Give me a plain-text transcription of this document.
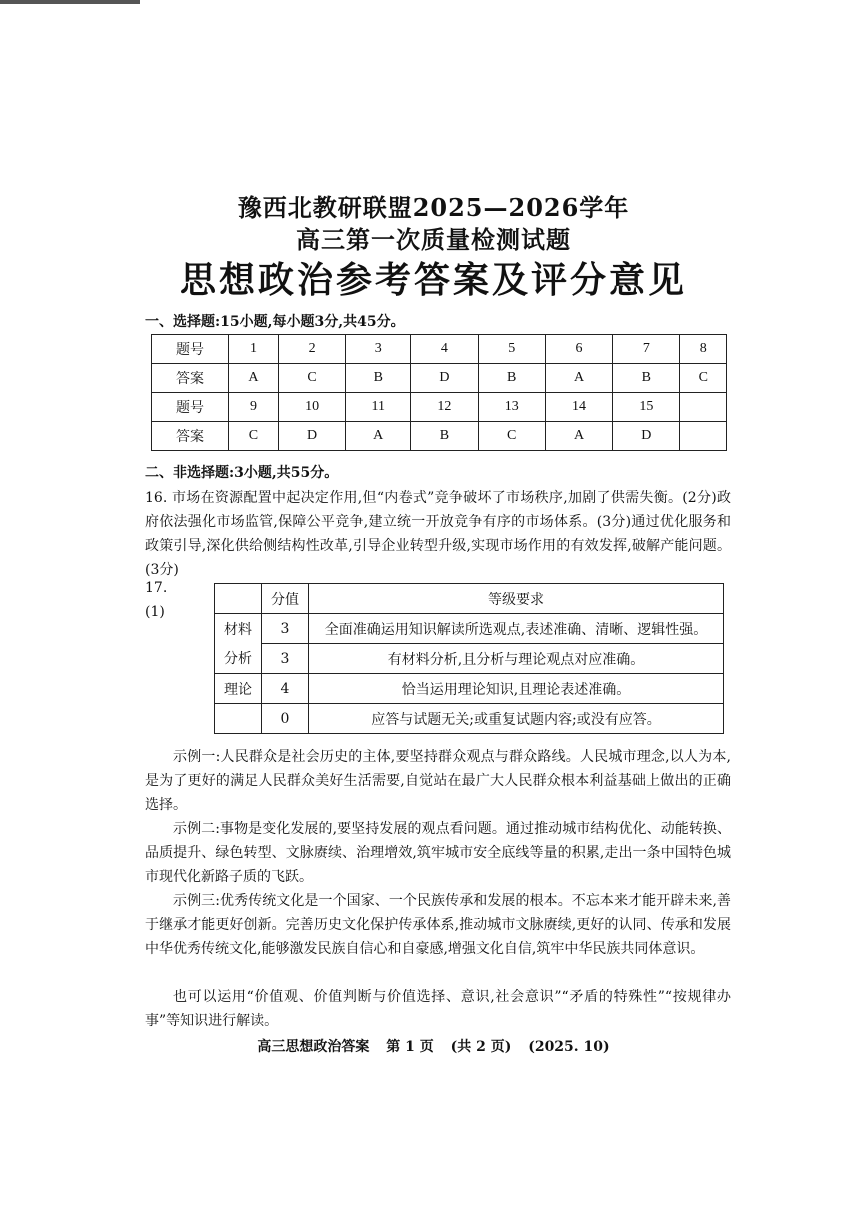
豫西北教研联盟2025—2026学年
高三第一次质量检测试题
思想政治参考答案及评分意见
一、选择题:15小题,每小题3分,共45分。
题号	1	2	3	4	5	6	7	8
答案	A	C	B	D	B	A	B	C
题号	9	10	11	12	13	14	15	
答案	C	D	A	B	C	A	D	
二、非选择题:3小题,共55分。
16. 市场在资源配置中起决定作用,但“内卷式”竞争破坏了市场秩序,加剧了供需失衡。(2分)政府依法强化市场监管,保障公平竞争,建立统一开放竞争有序的市场体系。(3分)通过优化服务和政策引导,深化供给侧结构性改革,引导企业转型升级,实现市场作用的有效发挥,破解产能问题。(3分)
17.
(1)
	分值	等级要求
材料	3	全面准确运用知识解读所选观点,表述准确、清晰、逻辑性强。
分析	3	有材料分析,且分析与理论观点对应准确。
理论	4	恰当运用理论知识,且理论表述准确。
	0	应答与试题无关;或重复试题内容;或没有应答。
示例一:人民群众是社会历史的主体,要坚持群众观点与群众路线。人民城市理念,以人为本,是为了更好的满足人民群众美好生活需要,自觉站在最广大人民群众根本利益基础上做出的正确选择。
示例二:事物是变化发展的,要坚持发展的观点看问题。通过推动城市结构优化、动能转换、品质提升、绿色转型、文脉赓续、治理增效,筑牢城市安全底线等量的积累,走出一条中国特色城市现代化新路子质的飞跃。
示例三:优秀传统文化是一个国家、一个民族传承和发展的根本。不忘本来才能开辟未来,善于继承才能更好创新。完善历史文化保护传承体系,推动城市文脉赓续,更好的认同、传承和发展中华优秀传统文化,能够激发民族自信心和自豪感,增强文化自信,筑牢中华民族共同体意识。
也可以运用“价值观、价值判断与价值选择、意识,社会意识”“矛盾的特殊性”“按规律办事”等知识进行解读。
高三思想政治答案 第 1 页 (共 2 页) (2025. 10)
